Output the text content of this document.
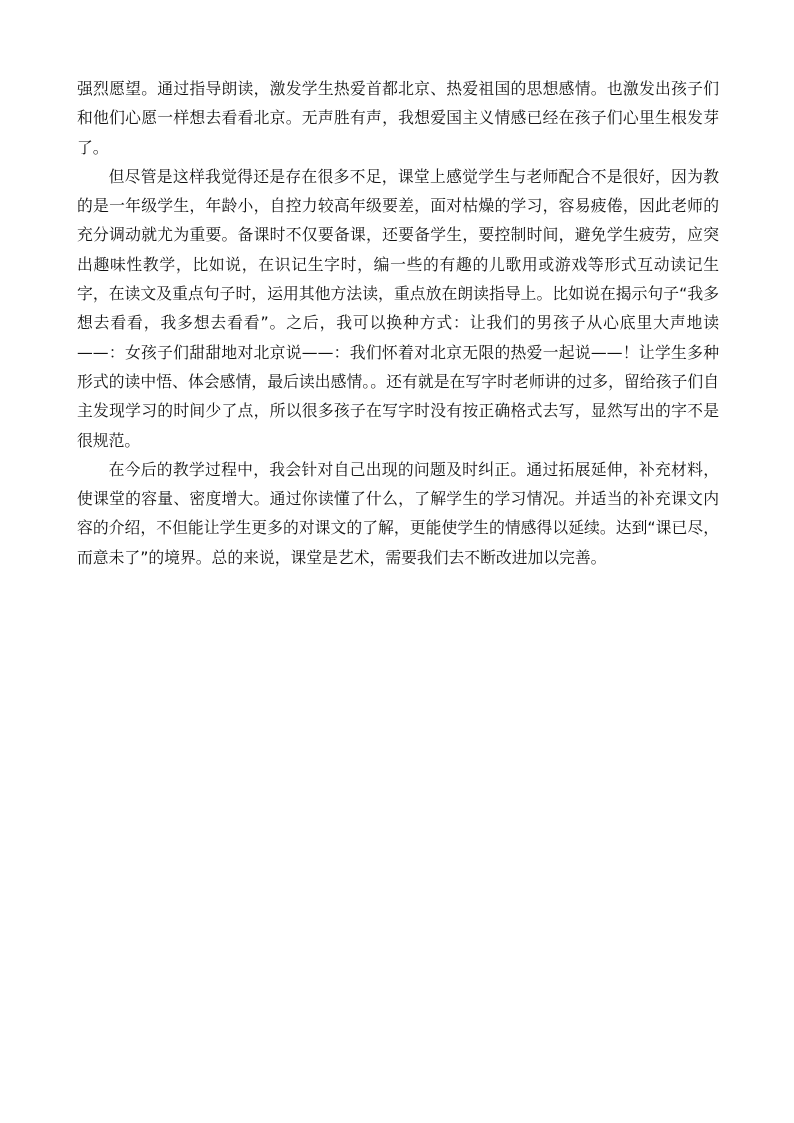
强烈愿望。通过指导朗读，激发学生热爱首都北京、热爱祖国的思想感情。也激发出孩子们和他们心愿一样想去看看北京。无声胜有声，我想爱国主义情感已经在孩子们心里生根发芽了。

但尽管是这样我觉得还是存在很多不足，课堂上感觉学生与老师配合不是很好，因为教的是一年级学生，年龄小，自控力较高年级要差，面对枯燥的学习，容易疲倦，因此老师的充分调动就尤为重要。备课时不仅要备课，还要备学生，要控制时间，避免学生疲劳，应突出趣味性教学，比如说，在识记生字时，编一些的有趣的儿歌用或游戏等形式互动读记生字，在读文及重点句子时，运用其他方法读，重点放在朗读指导上。比如说在揭示句子“我多想去看看，我多想去看看”。之后，我可以换种方式：让我们的男孩子从心底里大声地读——：女孩子们甜甜地对北京说——：我们怀着对北京无限的热爱一起说——！让学生多种形式的读中悟、体会感情，最后读出感情。。还有就是在写字时老师讲的过多，留给孩子们自主发现学习的时间少了点，所以很多孩子在写字时没有按正确格式去写，显然写出的字不是很规范。

在今后的教学过程中，我会针对自己出现的问题及时纠正。通过拓展延伸，补充材料，使课堂的容量、密度增大。通过你读懂了什么，了解学生的学习情况。并适当的补充课文内容的介绍，不但能让学生更多的对课文的了解，更能使学生的情感得以延续。达到“课已尽，而意未了”的境界。总的来说，课堂是艺术，需要我们去不断改进加以完善。
